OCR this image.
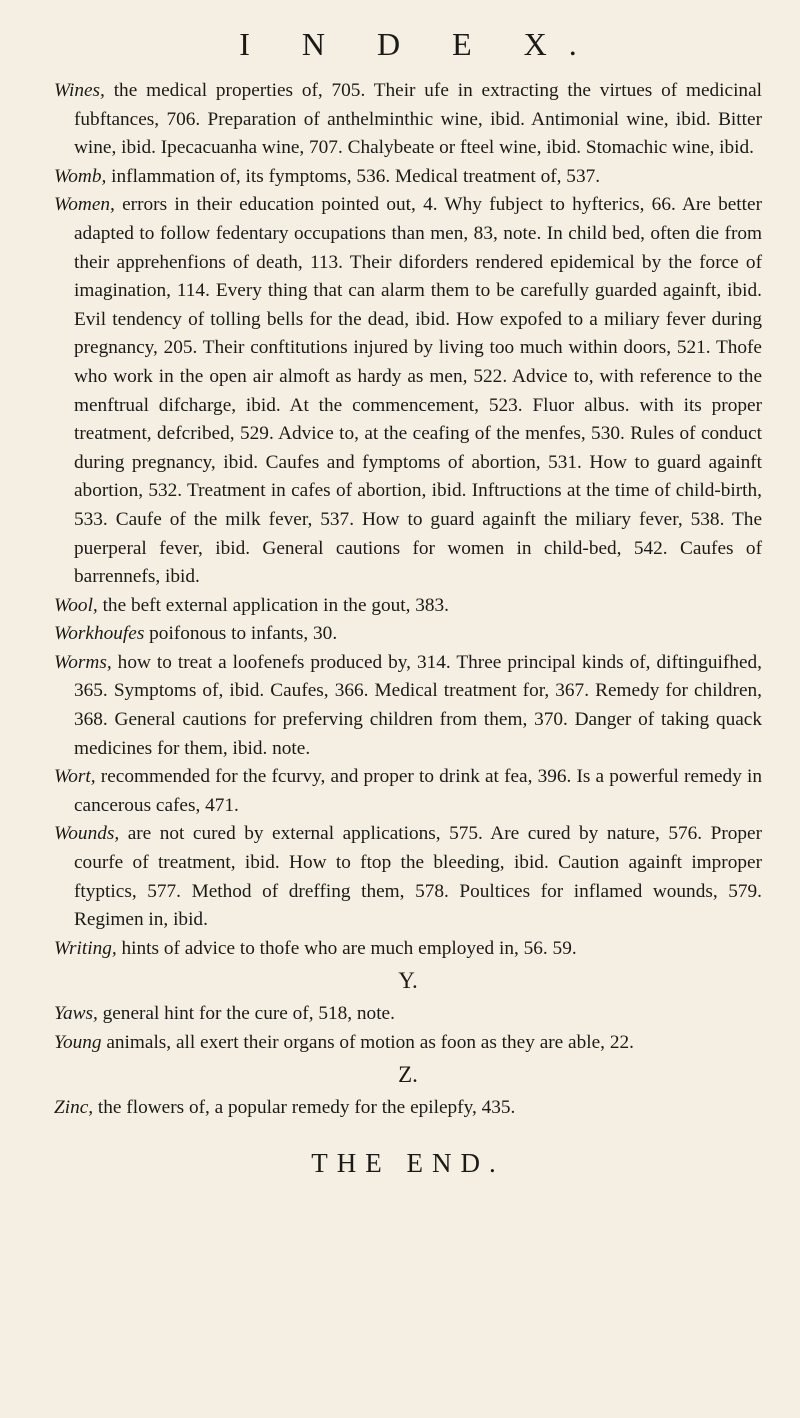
I N D E X.

Wines, the medical properties of, 705. Their ufe in extracting the virtues of medicinal fubftances, 706. Preparation of anthelminthic wine, ibid. Antimonial wine, ibid. Bitter wine, ibid. Ipecacuanha wine, 707. Chalybeate or fteel wine, ibid. Stomachic wine, ibid.

Womb, inflammation of, its fymptoms, 536. Medical treatment of, 537.

Women, errors in their education pointed out, 4. Why fubject to hyfterics, 66. Are better adapted to follow fedentary occupations than men, 83, note. In child bed, often die from their apprehenfions of death, 113. Their diforders rendered epidemical by the force of imagination, 114. Every thing that can alarm them to be carefully guarded againft, ibid. Evil tendency of tolling bells for the dead, ibid. How expofed to a miliary fever during pregnancy, 205. Their conftitutions injured by living too much within doors, 521. Thofe who work in the open air almoft as hardy as men, 522. Advice to, with reference to the menftrual difcharge, ibid. At the commencement, 523. Fluor albus. with its proper treatment, defcribed, 529. Advice to, at the ceafing of the menfes, 530. Rules of conduct during pregnancy, ibid. Caufes and fymptoms of abortion, 531. How to guard againft abortion, 532. Treatment in cafes of abortion, ibid. Inftructions at the time of child-birth, 533. Caufe of the milk fever, 537. How to guard againft the miliary fever, 538. The puerperal fever, ibid. General cautions for women in child-bed, 542. Caufes of barrennefs, ibid.

Wool, the beft external application in the gout, 383.

Workhoufes poifonous to infants, 30.

Worms, how to treat a loofenefs produced by, 314. Three principal kinds of, diftinguifhed, 365. Symptoms of, ibid. Caufes, 366. Medical treatment for, 367. Remedy for children, 368. General cautions for preferving children from them, 370. Danger of taking quack medicines for them, ibid. note.

Wort, recommended for the fcurvy, and proper to drink at fea, 396. Is a powerful remedy in cancerous cafes, 471.

Wounds, are not cured by external applications, 575. Are cured by nature, 576. Proper courfe of treatment, ibid. How to ftop the bleeding, ibid. Caution againft improper ftyptics, 577. Method of dreffing them, 578. Poultices for inflamed wounds, 579. Regimen in, ibid.

Writing, hints of advice to thofe who are much employed in, 56. 59.

Y.

Yaws, general hint for the cure of, 518, note.

Young animals, all exert their organs of motion as foon as they are able, 22.

Z.

Zinc, the flowers of, a popular remedy for the epilepfy, 435.

THE END.
